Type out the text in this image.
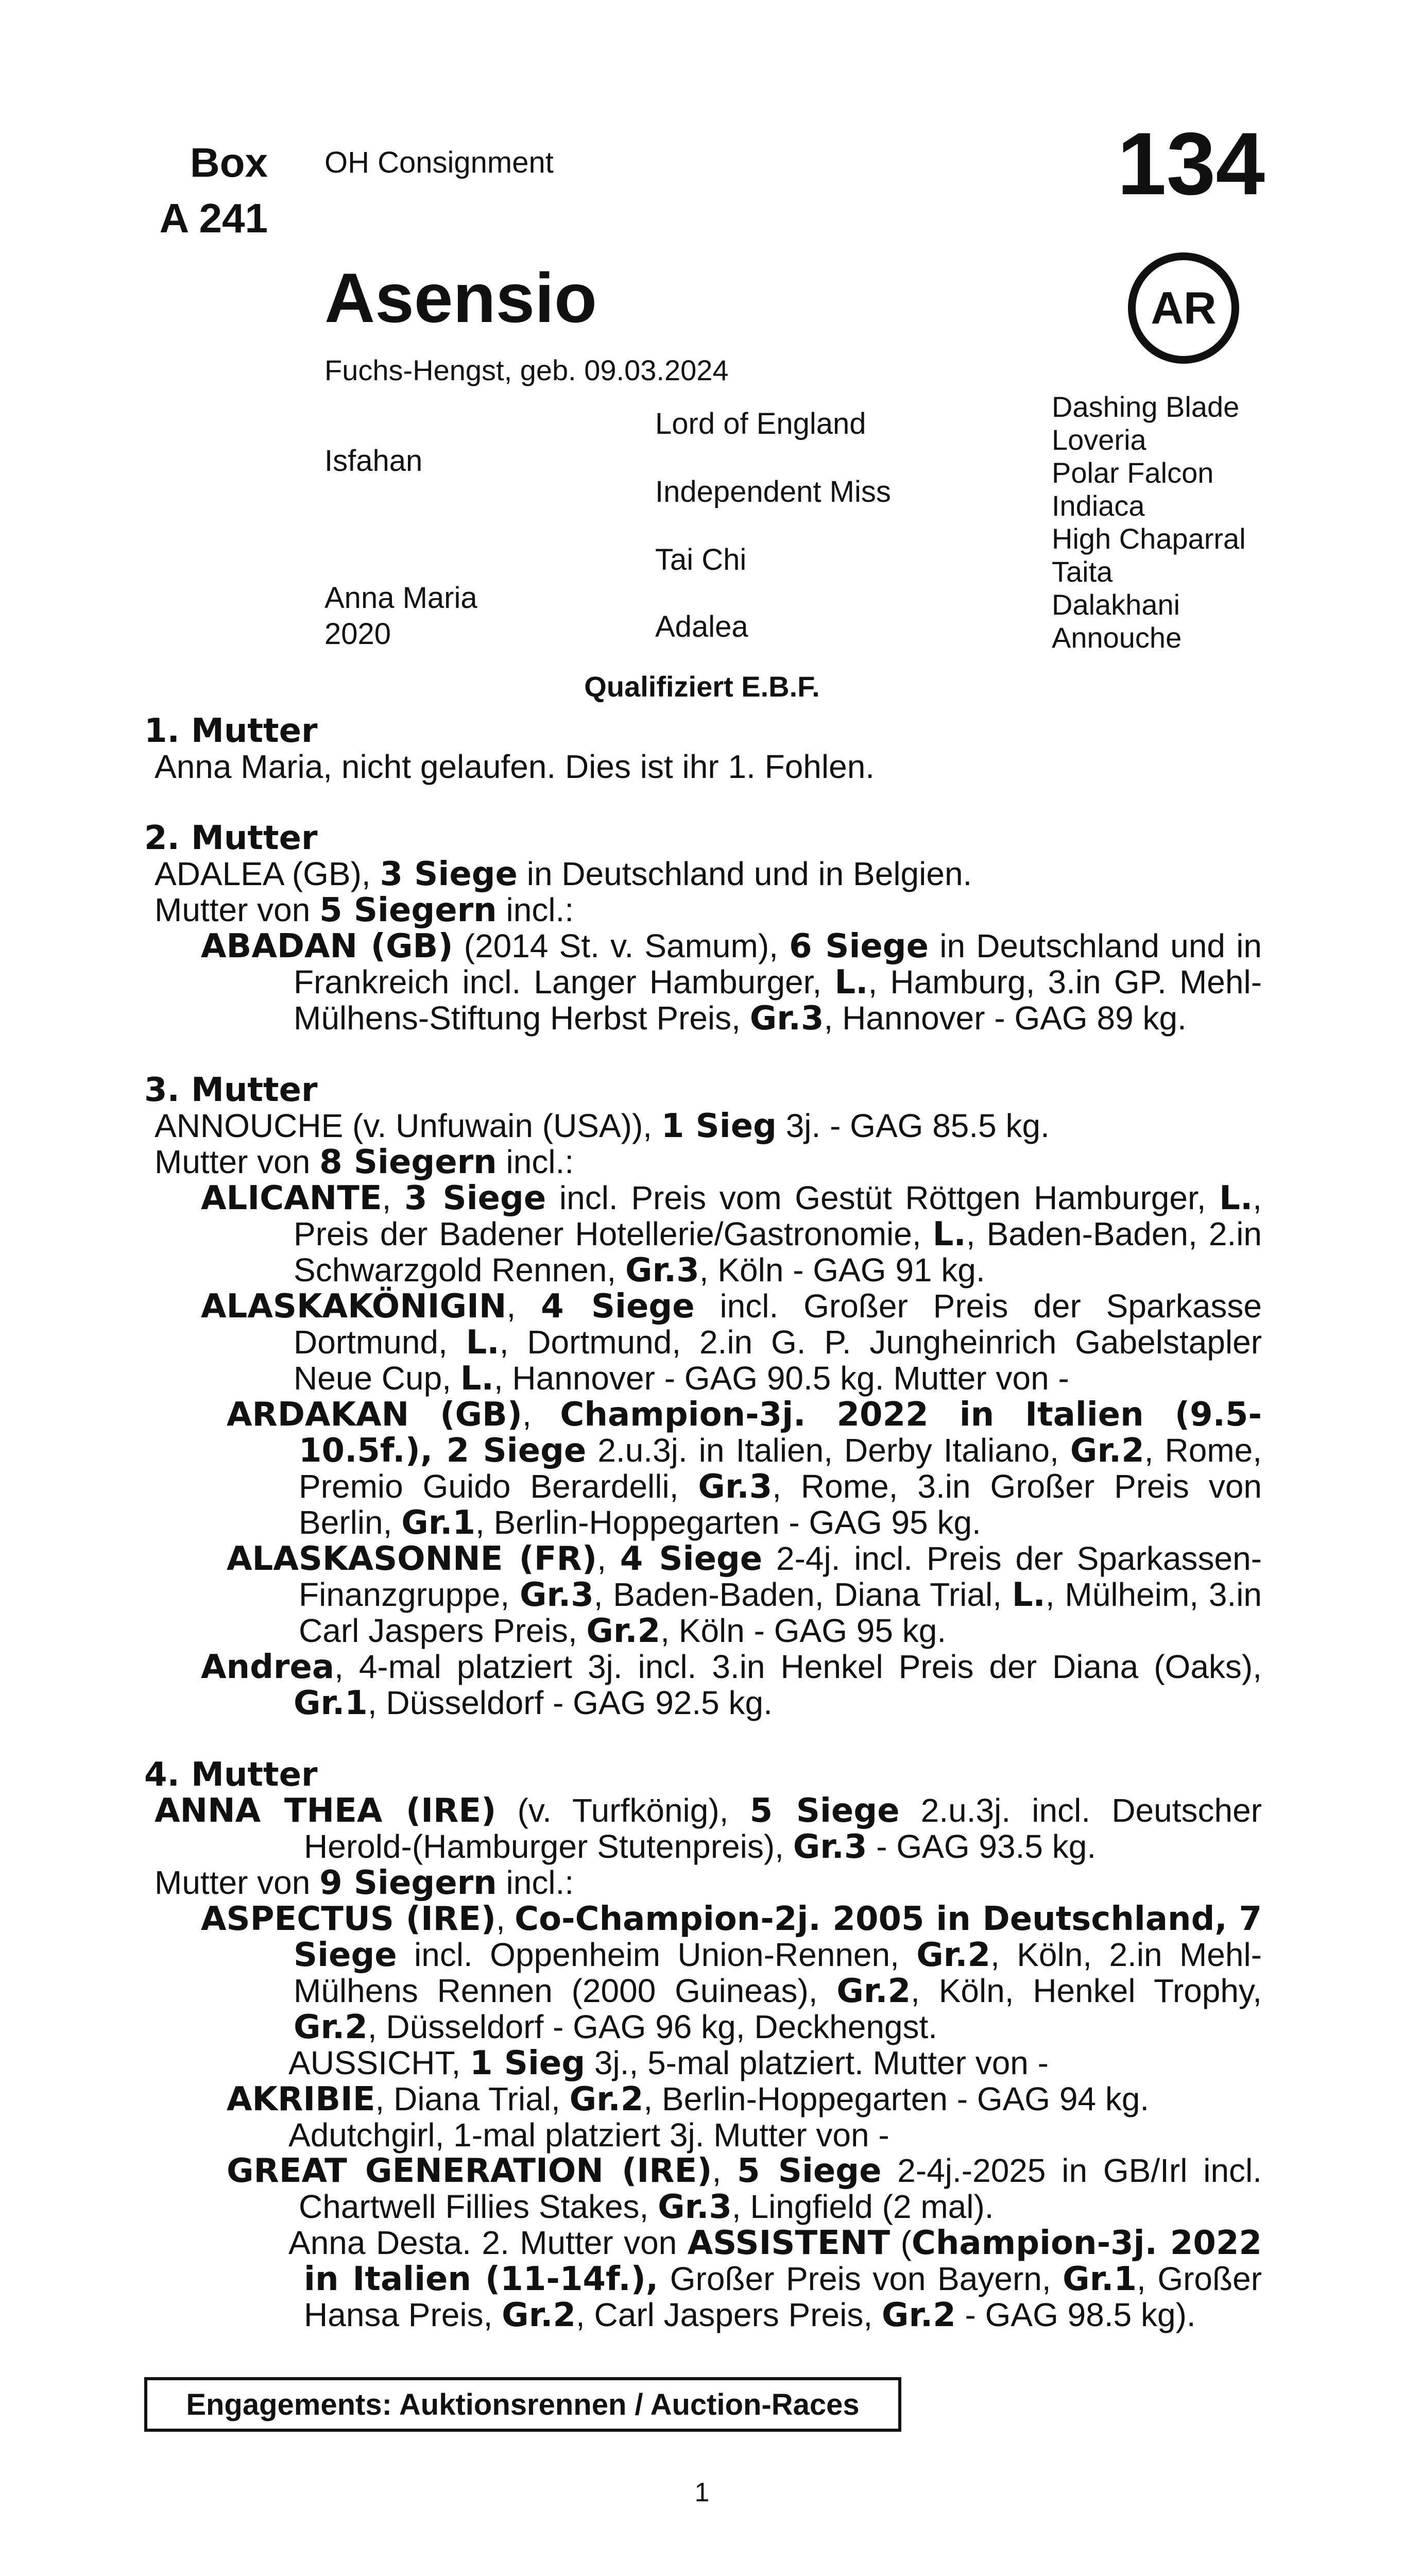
Box
A 241
OH Consignment	134
AR
Asensio
Fuchs-Hengst, geb. 09.03.2024
Isfahan
Anna Maria
2020
Lord of England
Independent Miss
Tai Chi
Adalea
Dashing Blade
Loveria
Polar Falcon
Indiaca
High Chaparral
Taita
Dalakhani
Annouche
Qualifiziert E.B.F.
1. Mutter
Anna Maria, nicht gelaufen. Dies ist ihr 1. Fohlen.
2. Mutter
ADALEA (GB), 3 Siege in Deutschland und in Belgien.
Mutter von 5 Siegern incl.:
ABADAN (GB) (2014 St. v. Samum), 6 Siege in Deutschland und in Frankreich incl. Langer Hamburger, L., Hamburg, 3.in GP. Mehl-Mülhens-Stiftung Herbst Preis, Gr.3, Hannover - GAG 89 kg.
3. Mutter
ANNOUCHE (v. Unfuwain (USA)), 1 Sieg 3j. - GAG 85.5 kg.
Mutter von 8 Siegern incl.:
ALICANTE, 3 Siege incl. Preis vom Gestüt Röttgen Hamburger, L., Preis der Badener Hotellerie/Gastronomie, L., Baden-Baden, 2.in Schwarzgold Rennen, Gr.3, Köln - GAG 91 kg.
ALASKAKÖNIGIN, 4 Siege incl. Großer Preis der Sparkasse Dortmund, L., Dortmund, 2.in G. P. Jungheinrich Gabelstapler Neue Cup, L., Hannover - GAG 90.5 kg. Mutter von -
ARDAKAN (GB), Champion-3j. 2022 in Italien (9.5-10.5f.), 2 Siege 2.u.3j. in Italien, Derby Italiano, Gr.2, Rome, Premio Guido Berardelli, Gr.3, Rome, 3.in Großer Preis von Berlin, Gr.1, Berlin-Hoppegarten - GAG 95 kg.
ALASKASONNE (FR), 4 Siege 2-4j. incl. Preis der Sparkassen-Finanzgruppe, Gr.3, Baden-Baden, Diana Trial, L., Mülheim, 3.in Carl Jaspers Preis, Gr.2, Köln - GAG 95 kg.
Andrea, 4-mal platziert 3j. incl. 3.in Henkel Preis der Diana (Oaks), Gr.1, Düsseldorf - GAG 92.5 kg.
4. Mutter
ANNA THEA (IRE) (v. Turfkönig), 5 Siege 2.u.3j. incl. Deutscher Herold-(Hamburger Stutenpreis), Gr.3 - GAG 93.5 kg.
Mutter von 9 Siegern incl.:
ASPECTUS (IRE), Co-Champion-2j. 2005 in Deutschland, 7 Siege incl. Oppenheim Union-Rennen, Gr.2, Köln, 2.in Mehl-Mülhens Rennen (2000 Guineas), Gr.2, Köln, Henkel Trophy, Gr.2, Düsseldorf - GAG 96 kg, Deckhengst.
AUSSICHT, 1 Sieg 3j., 5-mal platziert. Mutter von -
AKRIBIE, Diana Trial, Gr.2, Berlin-Hoppegarten - GAG 94 kg.
Adutchgirl, 1-mal platziert 3j. Mutter von -
GREAT GENERATION (IRE), 5 Siege 2-4j.-2025 in GB/Irl incl. Chartwell Fillies Stakes, Gr.3, Lingfield (2 mal).
Anna Desta. 2. Mutter von ASSISTENT (Champion-3j. 2022 in Italien (11-14f.), Großer Preis von Bayern, Gr.1, Großer Hansa Preis, Gr.2, Carl Jaspers Preis, Gr.2 - GAG 98.5 kg).
Engagements: Auktionsrennen / Auction-Races
1
